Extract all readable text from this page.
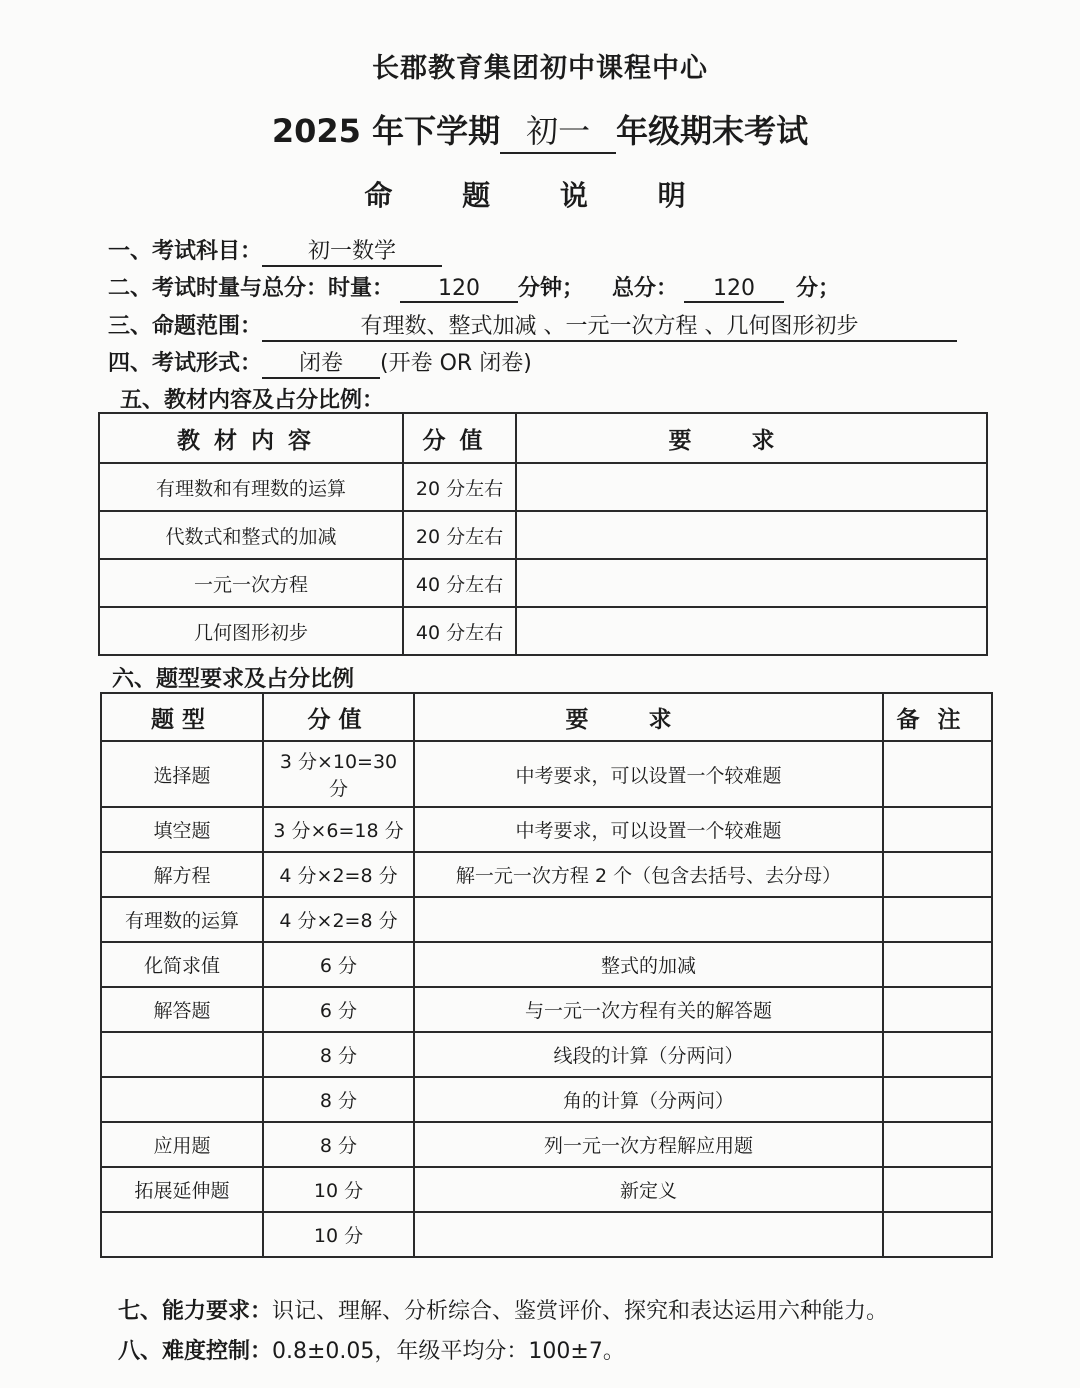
长郡教育集团初中课程中心
2025 年下学期 初一 年级期末考试
命 题 说 明
一、考试科目： 初一数学
二、考试时量与总分：时量： 120 分钟； 总分： 120 分；
三、命题范围：	有理数、整式加减 、一元一次方程 、几何图形初步
四、考试形式： 闭卷 (开卷 OR 闭卷)
五、教材内容及占分比例：
教材内容	分值	要求
有理数和有理数的运算	20 分左右	
代数式和整式的加减	20 分左右	
一元一次方程	40 分左右	
几何图形初步	40 分左右	
六、题型要求及占分比例
题型	分值	要求	备注
选择题	3 分×10=30 分	中考要求，可以设置一个较难题	
填空题	3 分×6=18 分	中考要求，可以设置一个较难题	
解方程	4 分×2=8 分	解一元一次方程 2 个（包含去括号、去分母）	
有理数的运算	4 分×2=8 分		
化简求值	6 分	整式的加减	
解答题	6 分	与一元一次方程有关的解答题	
	8 分	线段的计算（分两问）	
	8 分	角的计算（分两问）	
应用题	8 分	列一元一次方程解应用题	
拓展延伸题	10 分	新定义	
	10 分		
七、能力要求：识记、理解、分析综合、鉴赏评价、探究和表达运用六种能力。
八、难度控制：0.8±0.05，年级平均分：100±7。
